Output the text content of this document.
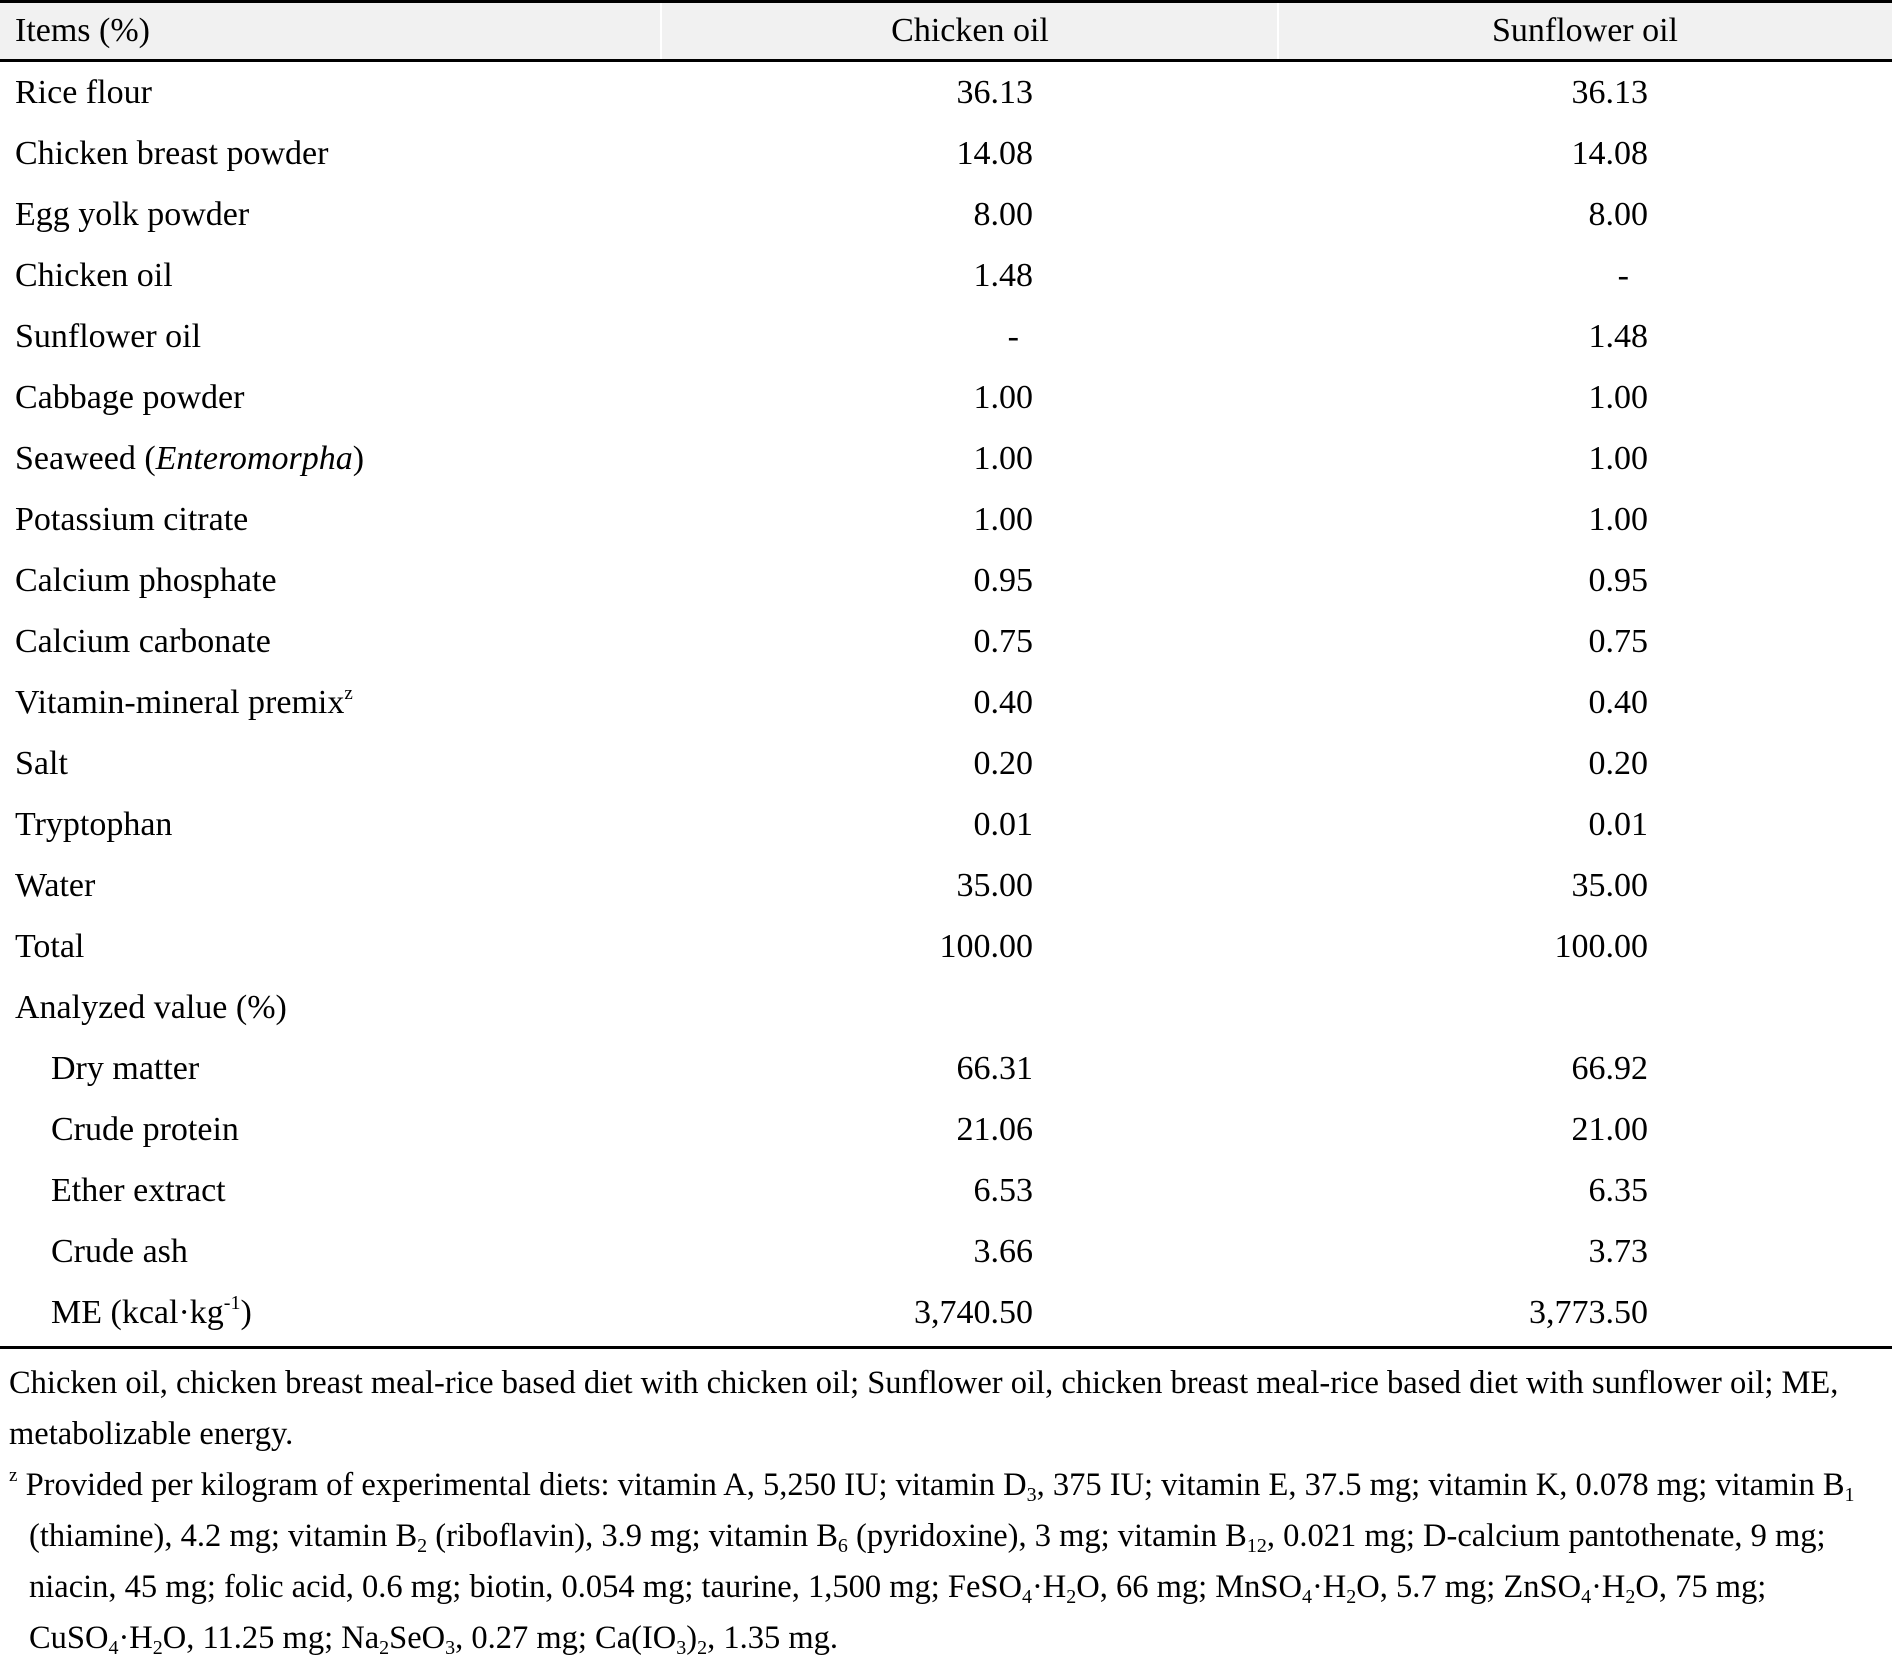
Items (%)	Chicken oil	Sunflower oil
Rice flour	36.13	36.13
Chicken breast powder	14.08	14.08
Egg yolk powder	8.00	8.00
Chicken oil	1.48	-
Sunflower oil	-	1.48
Cabbage powder	1.00	1.00
Seaweed (Enteromorpha)	1.00	1.00
Potassium citrate	1.00	1.00
Calcium phosphate	0.95	0.95
Calcium carbonate	0.75	0.75
Vitamin-mineral premix$^z$	0.40	0.40
Salt	0.20	0.20
Tryptophan	0.01	0.01
Water	35.00	35.00
Total	100.00	100.00
Analyzed value (%)
Dry matter	66.31	66.92
Crude protein	21.06	21.00
Ether extract	6.53	6.35
Crude ash	3.66	3.73
ME $(kcal\cdot kg^{-1})$	3,740.50	3,773.50

Chicken oil, chicken breast meal-rice based diet with chicken oil; Sunflower oil, chicken breast meal-rice based diet with sunflower oil; ME, metabolizable energy.

$^z$ Provided per kilogram of experimental diets: vitamin A, 5,250 IU; vitamin $D_3$, 375 IU; vitamin E, 37.5 mg; vitamin K, 0.078 mg; vitamin $B_1$ (thiamine), 4.2 mg; vitamin $B_2$ (riboflavin), 3.9 mg; vitamin $B_6$ (pyridoxine), 3 mg; vitamin $B_{12}$, 0.021 mg; D-calcium pantothenate, 9 mg; niacin, 45 mg; folic acid, 0.6 mg; biotin, 0.054 mg; taurine, 1,500 mg; $FeSO_4\cdot H_2O$, 66 mg; $MnSO_4\cdot H_2O$, 5.7 mg; $ZnSO_4\cdot H_2O$, 75 mg; $CuSO_4\cdot H_2O$, 11.25 mg; $Na_2SeO_3$, 0.27 mg; $Ca(IO_3)_2$, 1.35 mg.
